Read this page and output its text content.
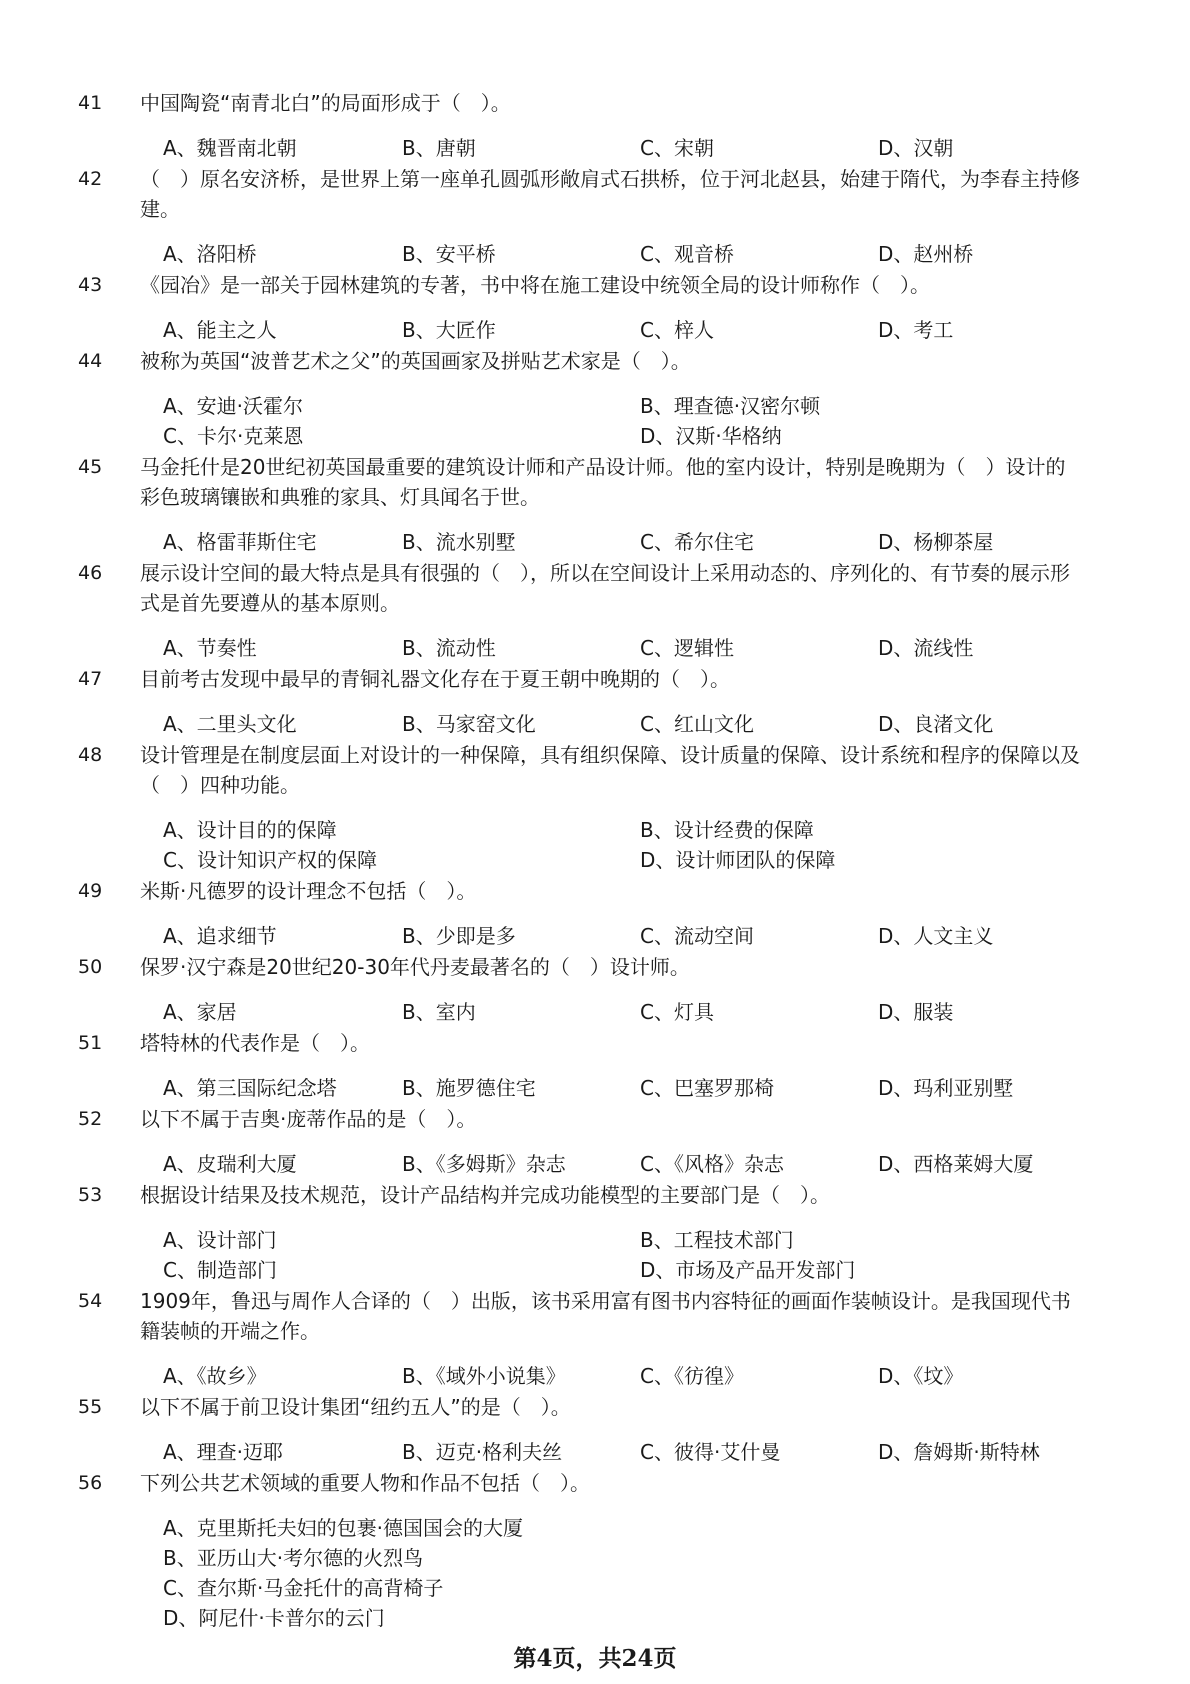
41 中国陶瓷“南青北白”的局面形成于（　）。
A、魏晋南北朝	B、唐朝	C、宋朝	D、汉朝
42 （　）原名安济桥，是世界上第一座单孔圆弧形敞肩式石拱桥，位于河北赵县，始建于隋代，为李春主持修建。
A、洛阳桥	B、安平桥	C、观音桥	D、赵州桥
43 《园冶》是一部关于园林建筑的专著，书中将在施工建设中统领全局的设计师称作（　）。
A、能主之人	B、大匠作	C、梓人	D、考工
44 被称为英国“波普艺术之父”的英国画家及拼贴艺术家是（　）。
A、安迪·沃霍尔	B、理查德·汉密尔顿
C、卡尔·克莱恩	D、汉斯·华格纳
45 马金托什是20世纪初英国最重要的建筑设计师和产品设计师。他的室内设计，特别是晚期为（　）设计的彩色玻璃镶嵌和典雅的家具、灯具闻名于世。
A、格雷菲斯住宅	B、流水别墅	C、希尔住宅	D、杨柳茶屋
46 展示设计空间的最大特点是具有很强的（　），所以在空间设计上采用动态的、序列化的、有节奏的展示形式是首先要遵从的基本原则。
A、节奏性	B、流动性	C、逻辑性	D、流线性
47 目前考古发现中最早的青铜礼器文化存在于夏王朝中晚期的（　）。
A、二里头文化	B、马家窑文化	C、红山文化	D、良渚文化
48 设计管理是在制度层面上对设计的一种保障，具有组织保障、设计质量的保障、设计系统和程序的保障以及（　）四种功能。
A、设计目的的保障	B、设计经费的保障
C、设计知识产权的保障	D、设计师团队的保障
49 米斯·凡德罗的设计理念不包括（　）。
A、追求细节	B、少即是多	C、流动空间	D、人文主义
50 保罗·汉宁森是20世纪20-30年代丹麦最著名的（　）设计师。
A、家居	B、室内	C、灯具	D、服装
51 塔特林的代表作是（　）。
A、第三国际纪念塔	B、施罗德住宅	C、巴塞罗那椅	D、玛利亚别墅
52 以下不属于吉奥·庞蒂作品的是（　）。
A、皮瑞利大厦	B、《多姆斯》杂志	C、《风格》杂志	D、西格莱姆大厦
53 根据设计结果及技术规范，设计产品结构并完成功能模型的主要部门是（　）。
A、设计部门	B、工程技术部门
C、制造部门	D、市场及产品开发部门
54 1909年，鲁迅与周作人合译的（　）出版，该书采用富有图书内容特征的画面作装帧设计。是我国现代书籍装帧的开端之作。
A、《故乡》	B、《域外小说集》	C、《彷徨》	D、《坟》
55 以下不属于前卫设计集团“纽约五人”的是（　）。
A、理查·迈耶	B、迈克·格利夫丝	C、彼得·艾什曼	D、詹姆斯·斯特林
56 下列公共艺术领域的重要人物和作品不包括（　）。
A、克里斯托夫妇的包裹·德国国会的大厦
B、亚历山大·考尔德的火烈鸟
C、查尔斯·马金托什的高背椅子
D、阿尼什·卡普尔的云门
第4页，共24页
